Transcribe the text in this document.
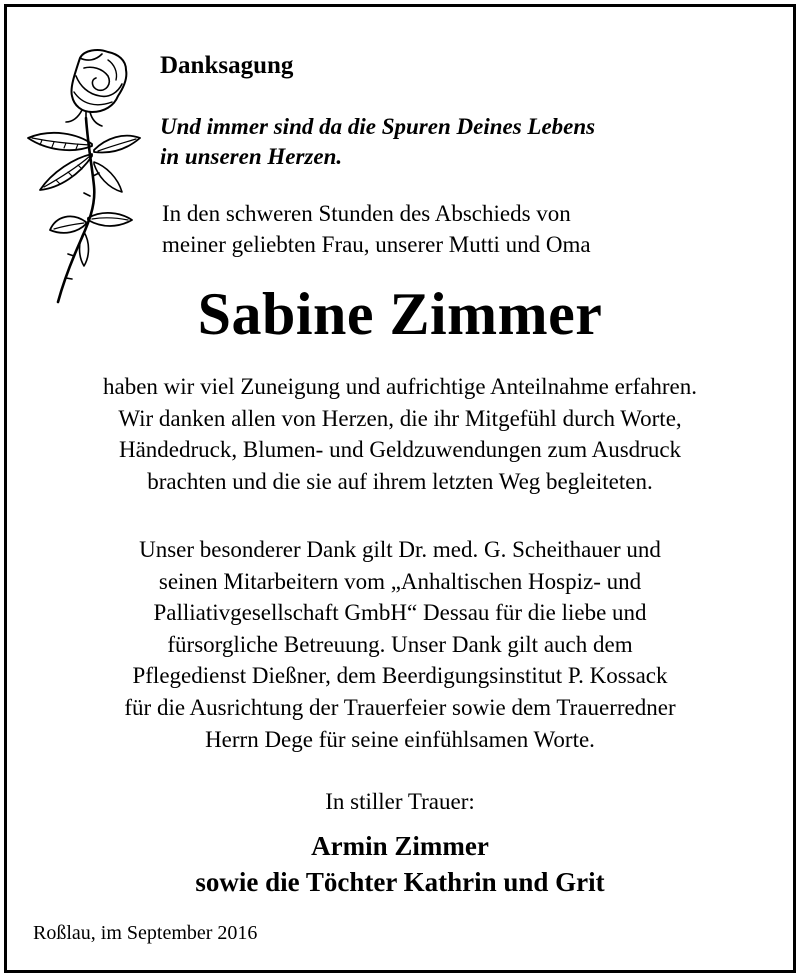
Danksagung
Und immer sind da die Spuren Deines Lebens
in unseren Herzen.
In den schweren Stunden des Abschieds von
meiner geliebten Frau, unserer Mutti und Oma
Sabine Zimmer
haben wir viel Zuneigung und aufrichtige Anteilnahme erfahren.
Wir danken allen von Herzen, die ihr Mitgefühl durch Worte,
Händedruck, Blumen- und Geldzuwendungen zum Ausdruck
brachten und die sie auf ihrem letzten Weg begleiteten.
Unser besonderer Dank gilt Dr. med. G. Scheithauer und
seinen Mitarbeitern vom „Anhaltischen Hospiz- und
Palliativgesellschaft GmbH“ Dessau für die liebe und
fürsorgliche Betreuung. Unser Dank gilt auch dem
Pflegedienst Dießner, dem Beerdigungsinstitut P. Kossack
für die Ausrichtung der Trauerfeier sowie dem Trauerredner
Herrn Dege für seine einfühlsamen Worte.
In stiller Trauer:
Armin Zimmer
sowie die Töchter Kathrin und Grit
Roßlau, im September 2016
